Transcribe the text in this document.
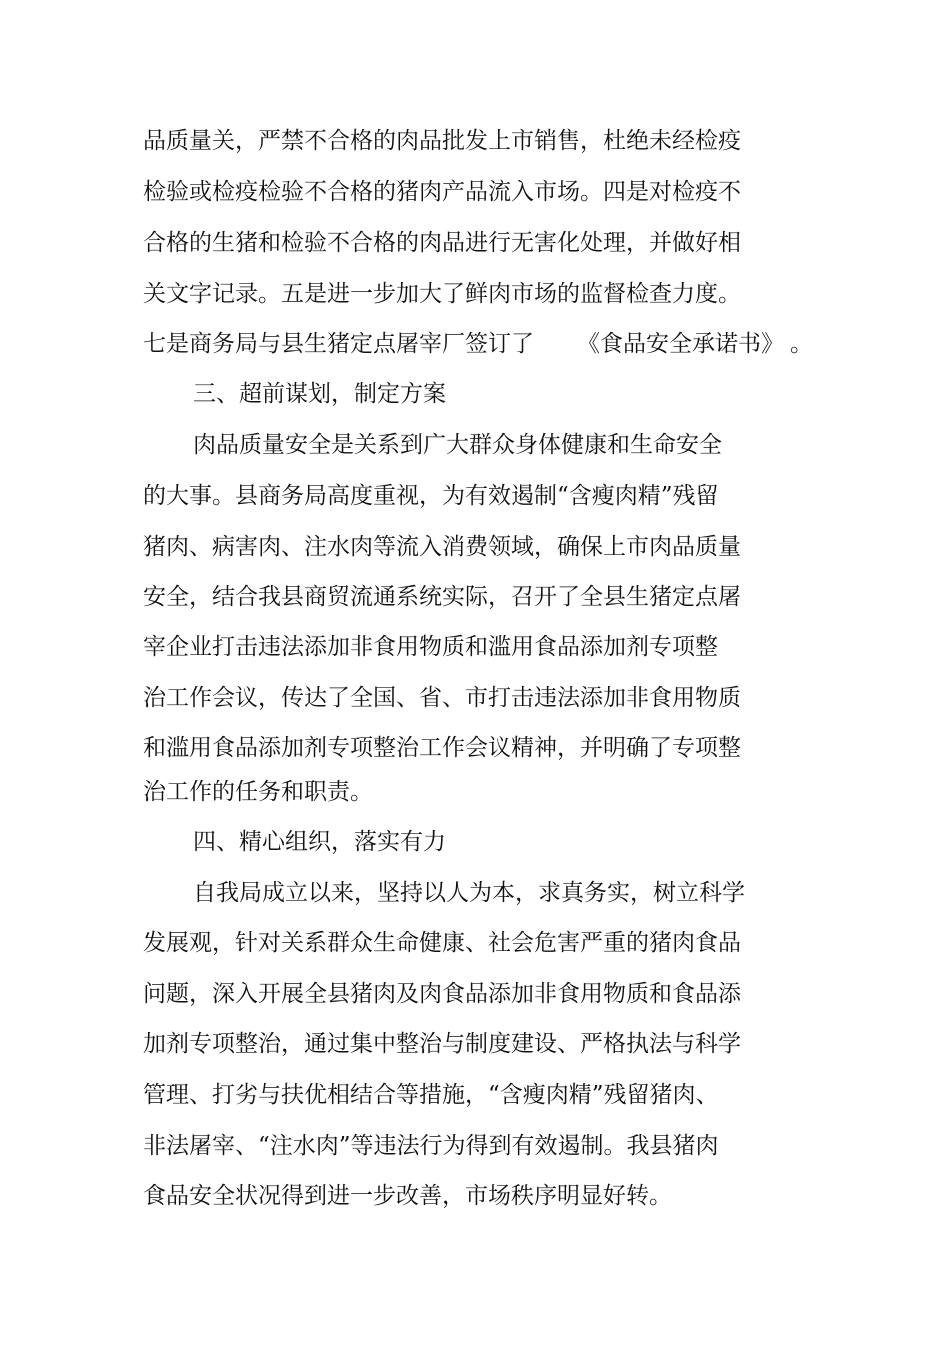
品质量关，严禁不合格的肉品批发上市销售，杜绝未经检疫
检验或检疫检验不合格的猪肉产品流入市场。四是对检疫不
合格的生猪和检验不合格的肉品进行无害化处理，并做好相
关文字记录。五是进一步加大了鲜肉市场的监督检查力度。
七是商务局与县生猪定点屠宰厂签订了 《食品安全承诺书》 。
三、超前谋划，制定方案
肉品质量安全是关系到广大群众身体健康和生命安全
的大事。县商务局高度重视，为有效遏制“含瘦肉精”残留
猪肉、病害肉、注水肉等流入消费领域，确保上市肉品质量
安全，结合我县商贸流通系统实际，召开了全县生猪定点屠
宰企业打击违法添加非食用物质和滥用食品添加剂专项整
治工作会议，传达了全国、省、市打击违法添加非食用物质
和滥用食品添加剂专项整治工作会议精神，并明确了专项整
治工作的任务和职责。
四、精心组织，落实有力
自我局成立以来，坚持以人为本，求真务实，树立科学
发展观，针对关系群众生命健康、社会危害严重的猪肉食品
问题，深入开展全县猪肉及肉食品添加非食用物质和食品添
加剂专项整治，通过集中整治与制度建设、严格执法与科学
管理、打劣与扶优相结合等措施，“含瘦肉精”残留猪肉、
非法屠宰、“注水肉”等违法行为得到有效遏制。我县猪肉
食品安全状况得到进一步改善，市场秩序明显好转。
